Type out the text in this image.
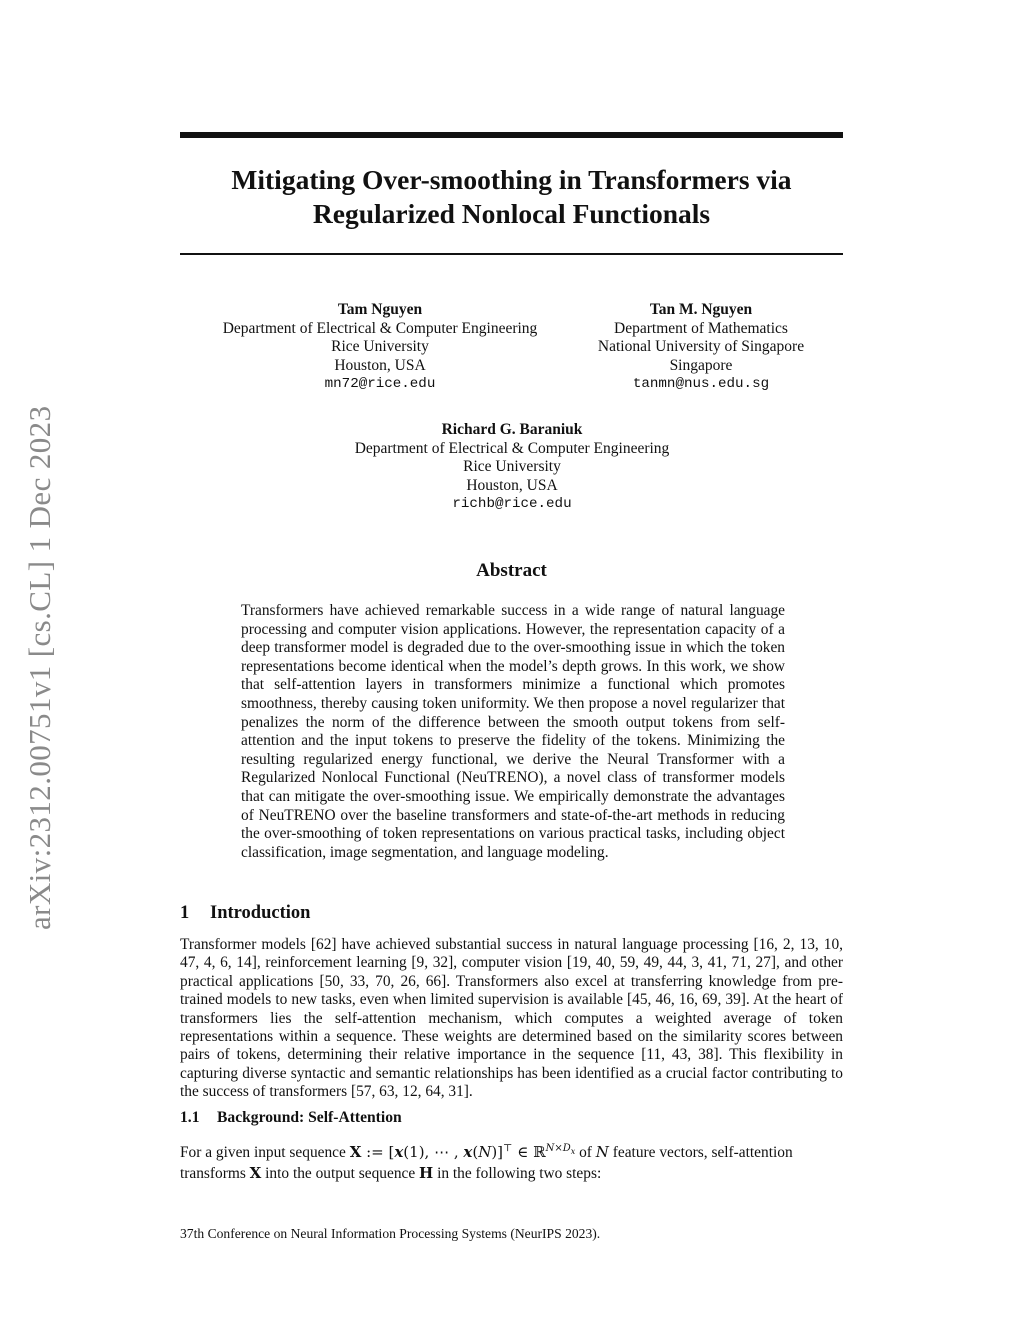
arXiv:2312.00751v1 [cs.CL] 1 Dec 2023
Mitigating Over-smoothing in Transformers via
Regularized Nonlocal Functionals
Tam Nguyen
Department of Electrical & Computer Engineering
Rice University
Houston, USA
mn72@rice.edu
Tan M. Nguyen
Department of Mathematics
National University of Singapore
Singapore
tanmn@nus.edu.sg
Richard G. Baraniuk
Department of Electrical & Computer Engineering
Rice University
Houston, USA
richb@rice.edu
Abstract

Transformers have achieved remarkable success in a wide range of natural language processing and computer vision applications. However, the representation capacity of a deep transformer model is degraded due to the over-smoothing issue in which the token representations become identical when the model’s depth grows. In this work, we show that self-attention layers in transformers minimize a functional which promotes smoothness, thereby causing token uniformity. We then propose a novel regularizer that penalizes the norm of the difference between the smooth output tokens from self-attention and the input tokens to preserve the fidelity of the tokens. Minimizing the resulting regularized energy functional, we derive the Neural Transformer with a Regularized Nonlocal Functional (NeuTRENO), a novel class of transformer models that can mitigate the over-smoothing issue. We empirically demonstrate the advantages of NeuTRENO over the baseline transformers and state-of-the-art methods in reducing the over-smoothing of token representations on various practical tasks, including object classification, image segmentation, and language modeling.

1 Introduction

Transformer models [62] have achieved substantial success in natural language processing [16, 2, 13, 10, 47, 4, 6, 14], reinforcement learning [9, 32], computer vision [19, 40, 59, 49, 44, 3, 41, 71, 27], and other practical applications [50, 33, 70, 26, 66]. Transformers also excel at transferring knowledge from pre-trained models to new tasks, even when limited supervision is available [45, 46, 16, 69, 39]. At the heart of transformers lies the self-attention mechanism, which computes a weighted average of token representations within a sequence. These weights are determined based on the similarity scores between pairs of tokens, determining their relative importance in the sequence [11, 43, 38]. This flexibility in capturing diverse syntactic and semantic relationships has been identified as a crucial factor contributing to the success of transformers [57, 63, 12, 64, 31].

1.1 Background: Self-Attention

For a given input sequence X := [x(1), ⋯ , x(N)]⊤ ∈ ℝ$^{N\times D_x}$ of N feature vectors, self-attention
transforms X into the output sequence H in the following two steps:

37th Conference on Neural Information Processing Systems (NeurIPS 2023).
